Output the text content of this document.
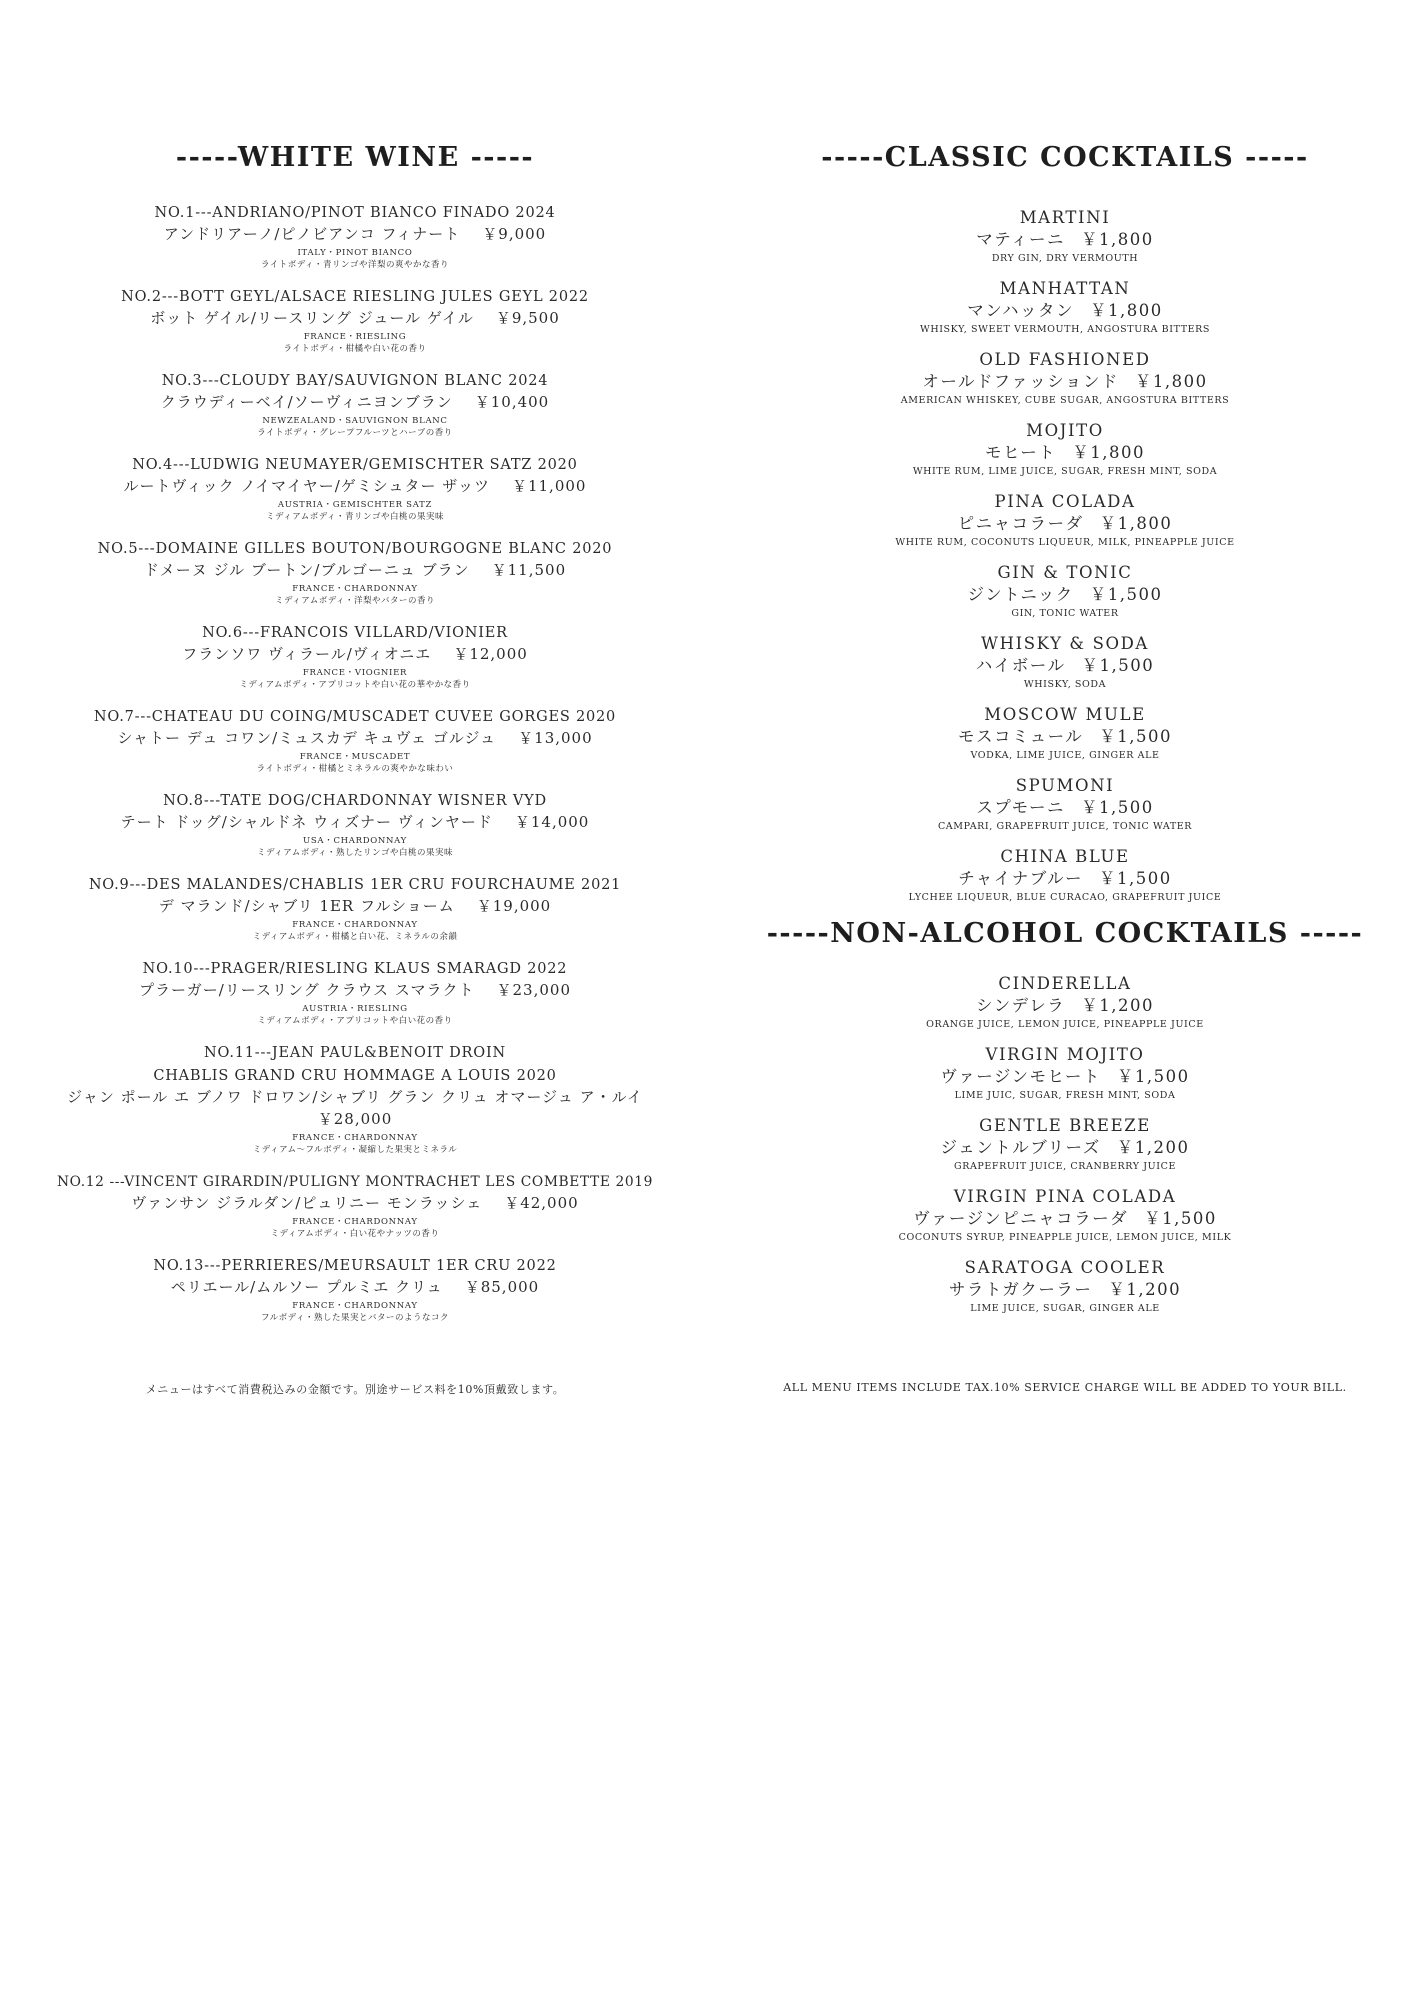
-----WHITE WINE -----
NO.1---ANDRIANO/PINOT BIANCO FINADO 2024
アンドリアーノ/ピノビアンコ フィナート ￥9,000
ITALY・PINOT BIANCO
ライトボディ・青リンゴや洋梨の爽やかな香り
NO.2---BOTT GEYL/ALSACE RIESLING JULES GEYL 2022
ボット ゲイル/リースリング ジュール ゲイル ￥9,500
FRANCE・RIESLING
ライトボディ・柑橘や白い花の香り
NO.3---CLOUDY BAY/SAUVIGNON BLANC 2024
クラウディーベイ/ソーヴィニヨンブラン ￥10,400
NEWZEALAND・SAUVIGNON BLANC
ライトボディ・グレープフルーツとハーブの香り
NO.4---LUDWIG NEUMAYER/GEMISCHTER SATZ 2020
ルートヴィック ノイマイヤー/ゲミシュター ザッツ ￥11,000
AUSTRIA・GEMISCHTER SATZ
ミディアムボディ・青リンゴや白桃の果実味
NO.5---DOMAINE GILLES BOUTON/BOURGOGNE BLANC 2020
ドメーヌ ジル ブートン/ブルゴーニュ ブラン ￥11,500
FRANCE・CHARDONNAY
ミディアムボディ・洋梨やバターの香り
NO.6---FRANCOIS VILLARD/VIONIER
フランソワ ヴィラール/ヴィオニエ ￥12,000
FRANCE・VIOGNIER
ミディアムボディ・アプリコットや白い花の華やかな香り
NO.7---CHATEAU DU COING/MUSCADET CUVEE GORGES 2020
シャトー デュ コワン/ミュスカデ キュヴェ ゴルジュ ￥13,000
FRANCE・MUSCADET
ライトボディ・柑橘とミネラルの爽やかな味わい
NO.8---TATE DOG/CHARDONNAY WISNER VYD
テート ドッグ/シャルドネ ウィズナー ヴィンヤード ￥14,000
USA・CHARDONNAY
ミディアムボディ・熟したリンゴや白桃の果実味
NO.9---DES MALANDES/CHABLIS 1ER CRU FOURCHAUME 2021
デ マランド/シャブリ 1ER フルショーム ￥19,000
FRANCE・CHARDONNAY
ミディアムボディ・柑橘と白い花、ミネラルの余韻
NO.10---PRAGER/RIESLING KLAUS SMARAGD 2022
プラーガー/リースリング クラウス スマラクト ￥23,000
AUSTRIA・RIESLING
ミディアムボディ・アプリコットや白い花の香り
NO.11---JEAN PAUL&BENOIT DROIN
CHABLIS GRAND CRU HOMMAGE A LOUIS 2020
ジャン ポール エ ブノワ ドロワン/シャブリ グラン クリュ オマージュ ア・ルイ
￥28,000
FRANCE・CHARDONNAY
ミディアム～フルボディ・凝縮した果実とミネラル
NO.12 ---VINCENT GIRARDIN/PULIGNY MONTRACHET LES COMBETTE 2019
ヴァンサン ジラルダン/ピュリニー モンラッシェ ￥42,000
FRANCE・CHARDONNAY
ミディアムボディ・白い花やナッツの香り
NO.13---PERRIERES/MEURSAULT 1ER CRU 2022
ペリエール/ムルソー プルミエ クリュ ￥85,000
FRANCE・CHARDONNAY
フルボディ・熟した果実とバターのようなコク
-----CLASSIC COCKTAILS -----
MARTINI
マティーニ ￥1,800
DRY GIN, DRY VERMOUTH
MANHATTAN
マンハッタン ￥1,800
WHISKY, SWEET VERMOUTH, ANGOSTURA BITTERS
OLD FASHIONED
オールドファッションド ￥1,800
AMERICAN WHISKEY, CUBE SUGAR, ANGOSTURA BITTERS
MOJITO
モヒート ￥1,800
WHITE RUM, LIME JUICE, SUGAR, FRESH MINT, SODA
PINA COLADA
ピニャコラーダ ￥1,800
WHITE RUM, COCONUTS LIQUEUR, MILK, PINEAPPLE JUICE
GIN & TONIC
ジントニック ￥1,500
GIN, TONIC WATER
WHISKY & SODA
ハイボール ￥1,500
WHISKY, SODA
MOSCOW MULE
モスコミュール ￥1,500
VODKA, LIME JUICE, GINGER ALE
SPUMONI
スプモーニ ￥1,500
CAMPARI, GRAPEFRUIT JUICE, TONIC WATER
CHINA BLUE
チャイナブルー ￥1,500
LYCHEE LIQUEUR, BLUE CURACAO, GRAPEFRUIT JUICE
-----NON-ALCOHOL COCKTAILS -----
CINDERELLA
シンデレラ ￥1,200
ORANGE JUICE, LEMON JUICE, PINEAPPLE JUICE
VIRGIN MOJITO
ヴァージンモヒート ￥1,500
LIME JUIC, SUGAR, FRESH MINT, SODA
GENTLE BREEZE
ジェントルブリーズ ￥1,200
GRAPEFRUIT JUICE, CRANBERRY JUICE
VIRGIN PINA COLADA
ヴァージンピニャコラーダ ￥1,500
COCONUTS SYRUP, PINEAPPLE JUICE, LEMON JUICE, MILK
SARATOGA COOLER
サラトガクーラー ￥1,200
LIME JUICE, SUGAR, GINGER ALE
メニューはすべて消費税込みの金額です。別途サービス料を10%頂戴致します。	ALL MENU ITEMS INCLUDE TAX.10% SERVICE CHARGE WILL BE ADDED TO YOUR BILL.
